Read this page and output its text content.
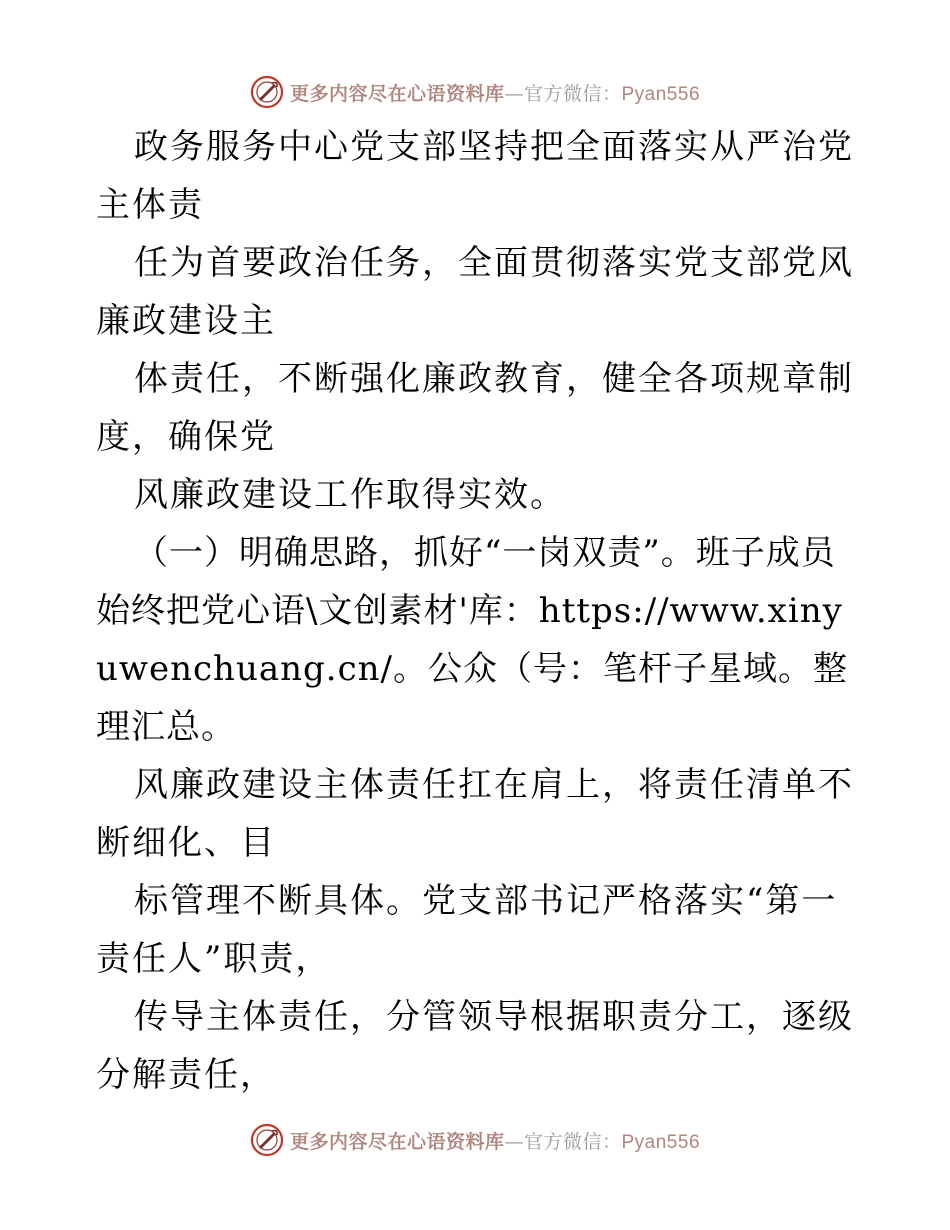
更多内容尽在心语资料库—官方微信：Pyan556

政务服务中心党支部坚持把全面落实从严治党主体责

任为首要政治任务，全面贯彻落实党支部党风廉政建设主

体责任，不断强化廉政教育，健全各项规章制度，确保党

风廉政建设工作取得实效。

（一）明确思路，抓好“一岗双责”。班子成员始终把党心语\文创素材'库：https://www.xinyuwenchuang.cn/。公众（号：笔杆子星域。整理汇总。

风廉政建设主体责任扛在肩上，将责任清单不断细化、目

标管理不断具体。党支部书记严格落实“第一责任人”职责，

传导主体责任，分管领导根据职责分工，逐级分解责任，

更多内容尽在心语资料库—官方微信：Pyan556
